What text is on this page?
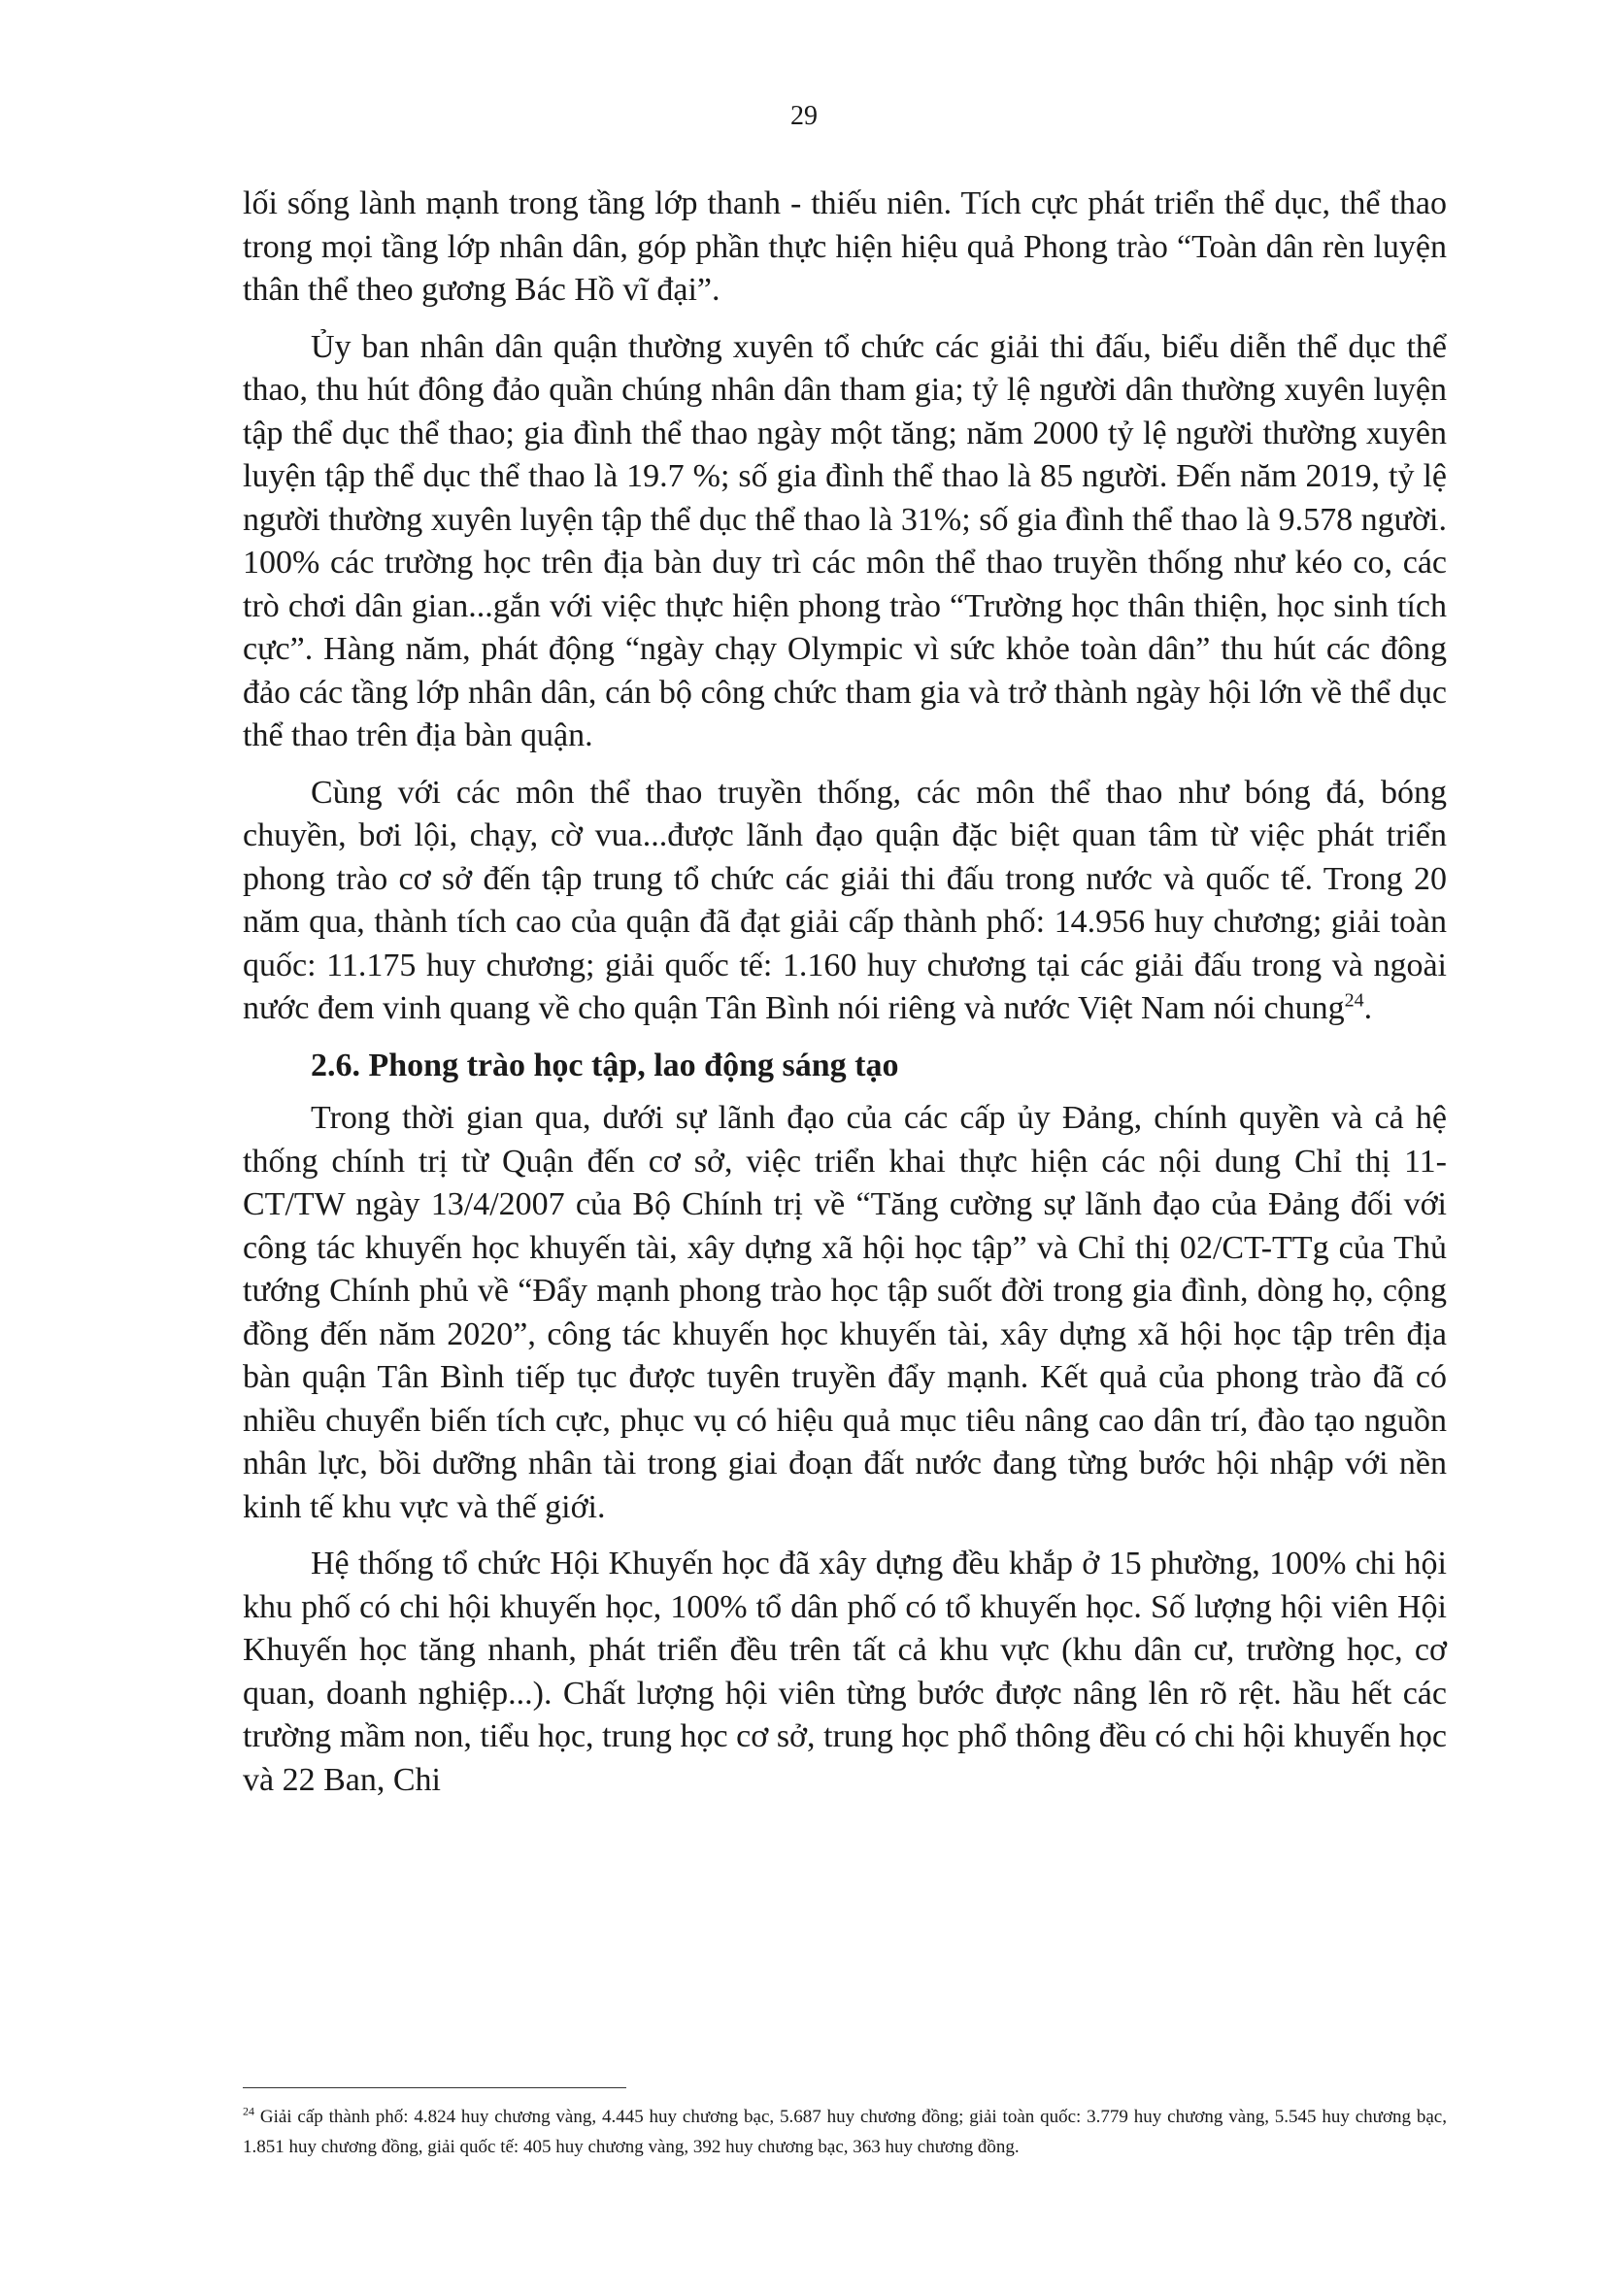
29

lối sống lành mạnh trong tầng lớp thanh - thiếu niên. Tích cực phát triển thể dục, thể thao trong mọi tầng lớp nhân dân, góp phần thực hiện hiệu quả Phong trào “Toàn dân rèn luyện thân thể theo gương Bác Hồ vĩ đại”.

Ủy ban nhân dân quận thường xuyên tổ chức các giải thi đấu, biểu diễn thể dục thể thao, thu hút đông đảo quần chúng nhân dân tham gia; tỷ lệ người dân thường xuyên luyện tập thể dục thể thao; gia đình thể thao ngày một tăng; năm 2000 tỷ lệ người thường xuyên luyện tập thể dục thể thao là 19.7 %; số gia đình thể thao là 85 người. Đến năm 2019, tỷ lệ người thường xuyên luyện tập thể dục thể thao là 31%; số gia đình thể thao là 9.578 người. 100% các trường học trên địa bàn duy trì các môn thể thao truyền thống như kéo co, các trò chơi dân gian...gắn với việc thực hiện phong trào “Trường học thân thiện, học sinh tích cực”. Hàng năm, phát động “ngày chạy Olympic vì sức khỏe toàn dân” thu hút các đông đảo các tầng lớp nhân dân, cán bộ công chức tham gia và trở thành ngày hội lớn về thể dục thể thao trên địa bàn quận.

Cùng với các môn thể thao truyền thống, các môn thể thao như bóng đá, bóng chuyền, bơi lội, chạy, cờ vua...được lãnh đạo quận đặc biệt quan tâm từ việc phát triển phong trào cơ sở đến tập trung tổ chức các giải thi đấu trong nước và quốc tế. Trong 20 năm qua, thành tích cao của quận đã đạt giải cấp thành phố: 14.956 huy chương; giải toàn quốc: 11.175 huy chương; giải quốc tế: 1.160 huy chương tại các giải đấu trong và ngoài nước đem vinh quang về cho quận Tân Bình nói riêng và nước Việt Nam nói chung$^{24}$.

2.6. Phong trào học tập, lao động sáng tạo

Trong thời gian qua, dưới sự lãnh đạo của các cấp ủy Đảng, chính quyền và cả hệ thống chính trị từ Quận đến cơ sở, việc triển khai thực hiện các nội dung Chỉ thị 11-CT/TW ngày 13/4/2007 của Bộ Chính trị về “Tăng cường sự lãnh đạo của Đảng đối với công tác khuyến học khuyến tài, xây dựng xã hội học tập” và Chỉ thị 02/CT-TTg của Thủ tướng Chính phủ về “Đẩy mạnh phong trào học tập suốt đời trong gia đình, dòng họ, cộng đồng đến năm 2020”, công tác khuyến học khuyến tài, xây dựng xã hội học tập trên địa bàn quận Tân Bình tiếp tục được tuyên truyền đẩy mạnh. Kết quả của phong trào đã có nhiều chuyển biến tích cực, phục vụ có hiệu quả mục tiêu nâng cao dân trí, đào tạo nguồn nhân lực, bồi dưỡng nhân tài trong giai đoạn đất nước đang từng bước hội nhập với nền kinh tế khu vực và thế giới.

Hệ thống tổ chức Hội Khuyến học đã xây dựng đều khắp ở 15 phường, 100% chi hội khu phố có chi hội khuyến học, 100% tổ dân phố có tổ khuyến học. Số lượng hội viên Hội Khuyến học tăng nhanh, phát triển đều trên tất cả khu vực (khu dân cư, trường học, cơ quan, doanh nghiệp...). Chất lượng hội viên từng bước được nâng lên rõ rệt. hầu hết các trường mầm non, tiểu học, trung học cơ sở, trung học phổ thông đều có chi hội khuyến học và 22 Ban, Chi

$^{24}$ Giải cấp thành phố: 4.824 huy chương vàng, 4.445 huy chương bạc, 5.687 huy chương đồng; giải toàn quốc: 3.779 huy chương vàng, 5.545 huy chương bạc, 1.851 huy chương đồng, giải quốc tế: 405 huy chương vàng, 392 huy chương bạc, 363 huy chương đồng.
